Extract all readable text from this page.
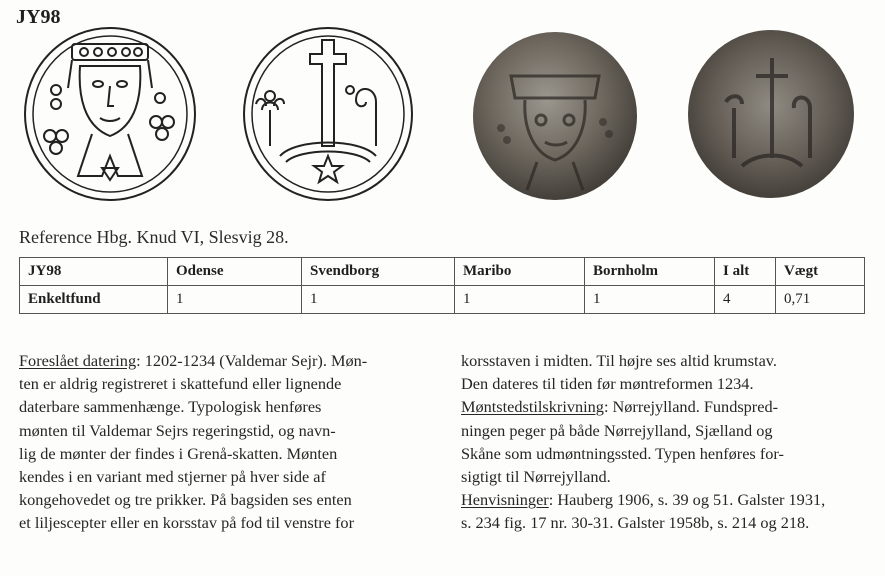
JY98
Reference Hbg. Knud VI, Slesvig 28.
JY98	Odense	Svendborg	Maribo	Bornholm	I alt	Vægt
Enkeltfund	1	1	1	1	4	0,71
Foreslået datering: 1202-1234 (Valdemar Sejr). Møn-
ten er aldrig registreret i skattefund eller lignende
daterbare sammenhænge. Typologisk henføres
mønten til Valdemar Sejrs regeringstid, og navn-
lig de mønter der findes i Grenå-skatten. Mønten
kendes i en variant med stjerner på hver side af
kongehovedet og tre prikker. På bagsiden ses enten
et liljescepter eller en korsstav på fod til venstre for
korsstaven i midten. Til højre ses altid krumstav.
Den dateres til tiden før møntreformen 1234.
Møntstedstilskrivning: Nørrejylland. Fundspred-
ningen peger på både Nørrejylland, Sjælland og
Skåne som udmøntningssted. Typen henføres for-
sigtigt til Nørrejylland.
Henvisninger: Hauberg 1906, s. 39 og 51. Galster 1931,
s. 234 fig. 17 nr. 30-31. Galster 1958b, s. 214 og 218.
